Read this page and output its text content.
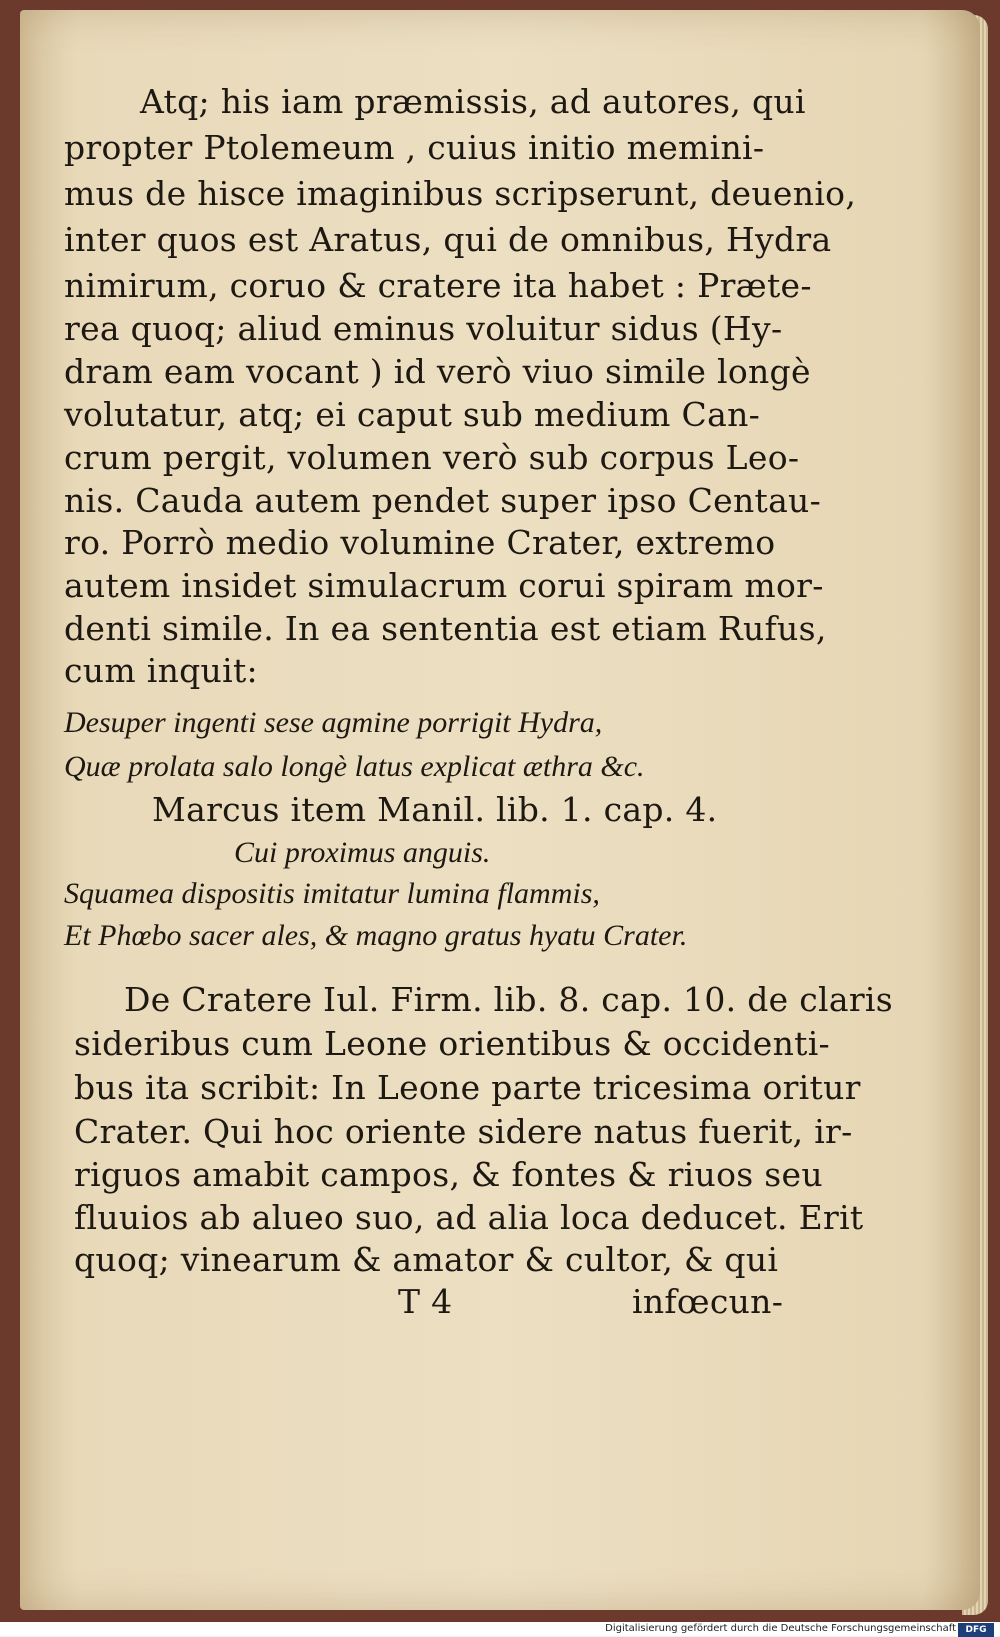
Atq; his iam præmissis, ad autores, qui
propter Ptolemeum , cuius initio memini-
mus de hisce imaginibus scripserunt, deuenio,
inter quos est Aratus, qui de omnibus, Hydra
nimirum, coruo & cratere ita habet : Præte-
rea quoq; aliud eminus voluitur sidus (Hy-
dram eam vocant ) id verò viuo simile longè
volutatur, atq; ei caput sub medium Can-
crum pergit, volumen verò sub corpus Leo-
nis. Cauda autem pendet super ipso Centau-
ro. Porrò medio volumine Crater, extremo
autem insidet simulacrum corui spiram mor-
denti simile. In ea sententia est etiam Rufus,
cum inquit:
Desuper ingenti sese agmine porrigit Hydra,
Quæ prolata salo longè latus explicat æthra &c.
Marcus item Manil. lib. 1. cap. 4.
Cui proximus anguis.
Squamea dispositis imitatur lumina flammis,
Et Phœbo sacer ales, & magno gratus hyatu Crater.
De Cratere Iul. Firm. lib. 8. cap. 10. de claris
sideribus cum Leone orientibus & occidenti-
bus ita scribit: In Leone parte tricesima oritur
Crater. Qui hoc oriente sidere natus fuerit, ir-
riguos amabit campos, & fontes & riuos seu
fluuios ab alueo suo, ad alia loca deducet. Erit
quoq; vinearum & amator & cultor, & qui
T 4	infœcun-
Digitalisierung gefördert durch die Deutsche Forschungsgemeinschaft	DFG
